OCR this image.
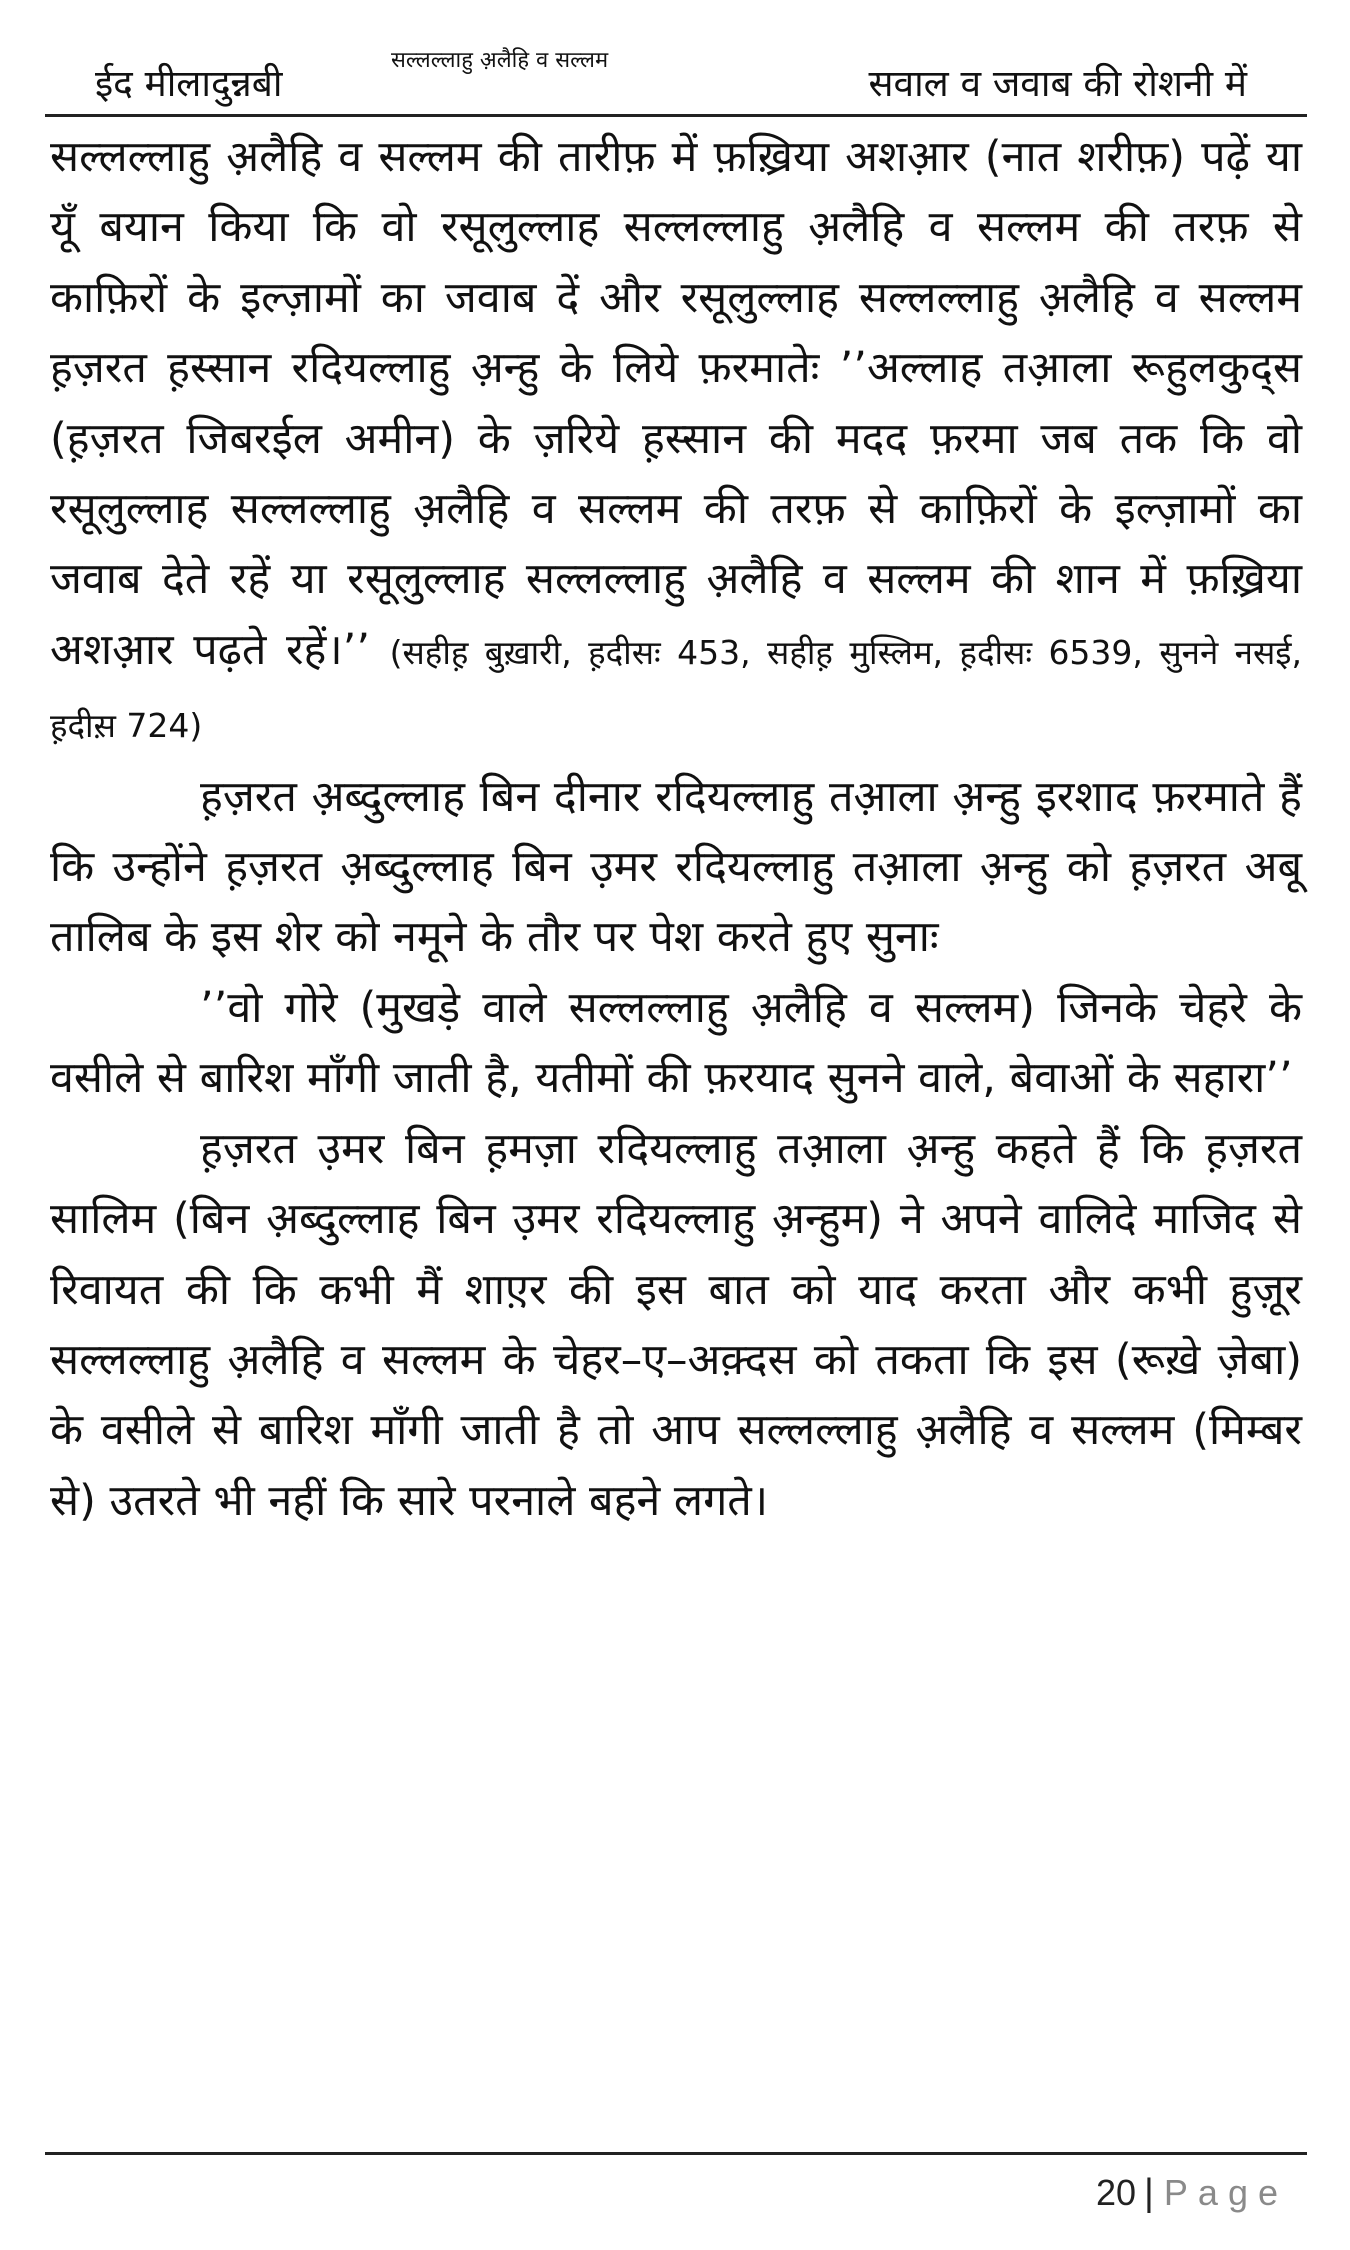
ईद मीलादुन्नबी
सल्लल्लाहु अ़लैहि व सल्लम
सवाल व जवाब की रोशनी में

सल्लल्लाहु अ़लैहि व सल्लम की तारीफ़ में फ़ख़्रिया अशआ़र (नात शरीफ़) पढ़ें या यूँ बयान किया कि वो रसूलुल्लाह सल्लल्लाहु अ़लैहि व सल्लम की तरफ़ से काफ़िरों के इल्ज़ामों का जवाब दें और रसूलुल्लाह सल्लल्लाहु अ़लैहि व सल्लम ह़ज़रत ह़स्सान रदियल्लाहु अ़न्हु के लिये फ़रमातेः ’’अल्लाह तआ़ला रूहुलकुद्स (ह़ज़रत जिबरईल अमीन) के ज़रिये ह़स्सान की मदद फ़रमा जब तक कि वो रसूलुल्लाह सल्लल्लाहु अ़लैहि व सल्लम की तरफ़ से काफ़िरों के इल्ज़ामों का जवाब देते रहें या रसूलुल्लाह सल्लल्लाहु अ़लैहि व सल्लम की शान में फ़ख़्रिया अशआ़र पढ़ते रहें।’’ (सहीह़ बुख़ारी, ह़दीसः 453, सहीह़ मुस्लिम, ह़दीसः 6539, सुनने नसई, ह़दीस़ 724)

ह़ज़रत अ़ब्दुल्लाह बिन दीनार रदियल्लाहु तआ़ला अ़न्हु इरशाद फ़रमाते हैं कि उन्होंने ह़ज़रत अ़ब्दुल्लाह बिन उ़मर रदियल्लाहु तआ़ला अ़न्हु को ह़ज़रत अबू तालिब के इस शेर को नमूने के तौर पर पेश करते हुए सुनाः

’’वो गोरे (मुखड़े वाले सल्लल्लाहु अ़लैहि व सल्लम) जिनके चेहरे के वसीले से बारिश माँगी जाती है, यतीमों की फ़रयाद सुनने वाले, बेवाओं के सहारा’’

ह़ज़रत उ़मर बिन ह़मज़ा रदियल्लाहु तआ़ला अ़न्हु कहते हैं कि ह़ज़रत सालिम (बिन अ़ब्दुल्लाह बिन उ़मर रदियल्लाहु अ़न्हुम) ने अपने वालिदे माजिद से रिवायत की कि कभी मैं शाए़र की इस बात को याद करता और कभी हुज़ूर सल्लल्लाहु अ़लैहि व सल्लम के चेहर–ए–अक़्दस को तकता कि इस (रूख़े ज़ेबा) के वसीले से बारिश माँगी जाती है तो आप सल्लल्लाहु अ़लैहि व सल्लम (मिम्बर से) उतरते भी नहीं कि सारे परनाले बहने लगते।

20 | Page
